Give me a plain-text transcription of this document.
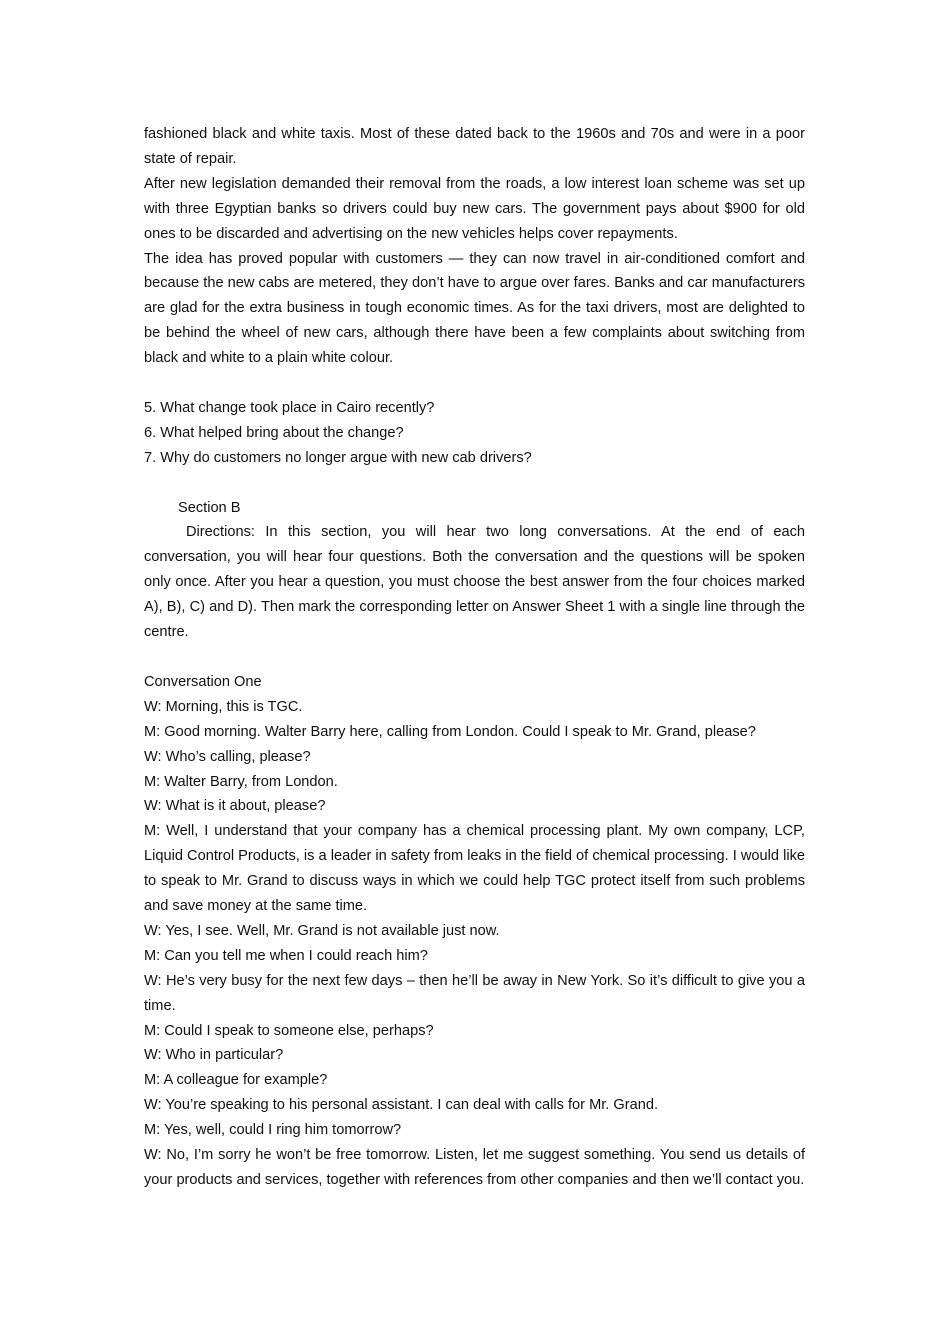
fashioned black and white taxis. Most of these dated back to the 1960s and 70s and were in a poor state of repair.

After new legislation demanded their removal from the roads, a low interest loan scheme was set up with three Egyptian banks so drivers could buy new cars. The government pays about $900 for old ones to be discarded and advertising on the new vehicles helps cover repayments.

The idea has proved popular with customers — they can now travel in air-conditioned comfort and because the new cabs are metered, they don’t have to argue over fares. Banks and car manufacturers are glad for the extra business in tough economic times. As for the taxi drivers, most are delighted to be behind the wheel of new cars, although there have been a few complaints about switching from black and white to a plain white colour.

5. What change took place in Cairo recently?

6. What helped bring about the change?

7. Why do customers no longer argue with new cab drivers?

Section B

Directions: In this section, you will hear two long conversations. At the end of each conversation, you will hear four questions. Both the conversation and the questions will be spoken only once. After you hear a question, you must choose the best answer from the four choices marked A), B), C) and D). Then mark the corresponding letter on Answer Sheet 1 with a single line through the centre.

Conversation One

W: Morning, this is TGC.

M: Good morning. Walter Barry here, calling from London. Could I speak to Mr. Grand, please?

W: Who’s calling, please?

M: Walter Barry, from London.

W: What is it about, please?

M: Well, I understand that your company has a chemical processing plant. My own company, LCP, Liquid Control Products, is a leader in safety from leaks in the field of chemical processing. I would like to speak to Mr. Grand to discuss ways in which we could help TGC protect itself from such problems and save money at the same time.

W: Yes, I see. Well, Mr. Grand is not available just now.

M: Can you tell me when I could reach him?

W: He’s very busy for the next few days – then he’ll be away in New York. So it’s difficult to give you a time.

M: Could I speak to someone else, perhaps?

W: Who in particular?

M: A colleague for example?

W: You’re speaking to his personal assistant. I can deal with calls for Mr. Grand.

M: Yes, well, could I ring him tomorrow?

W: No, I’m sorry he won’t be free tomorrow. Listen, let me suggest something. You send us details of your products and services, together with references from other companies and then we’ll contact you.
